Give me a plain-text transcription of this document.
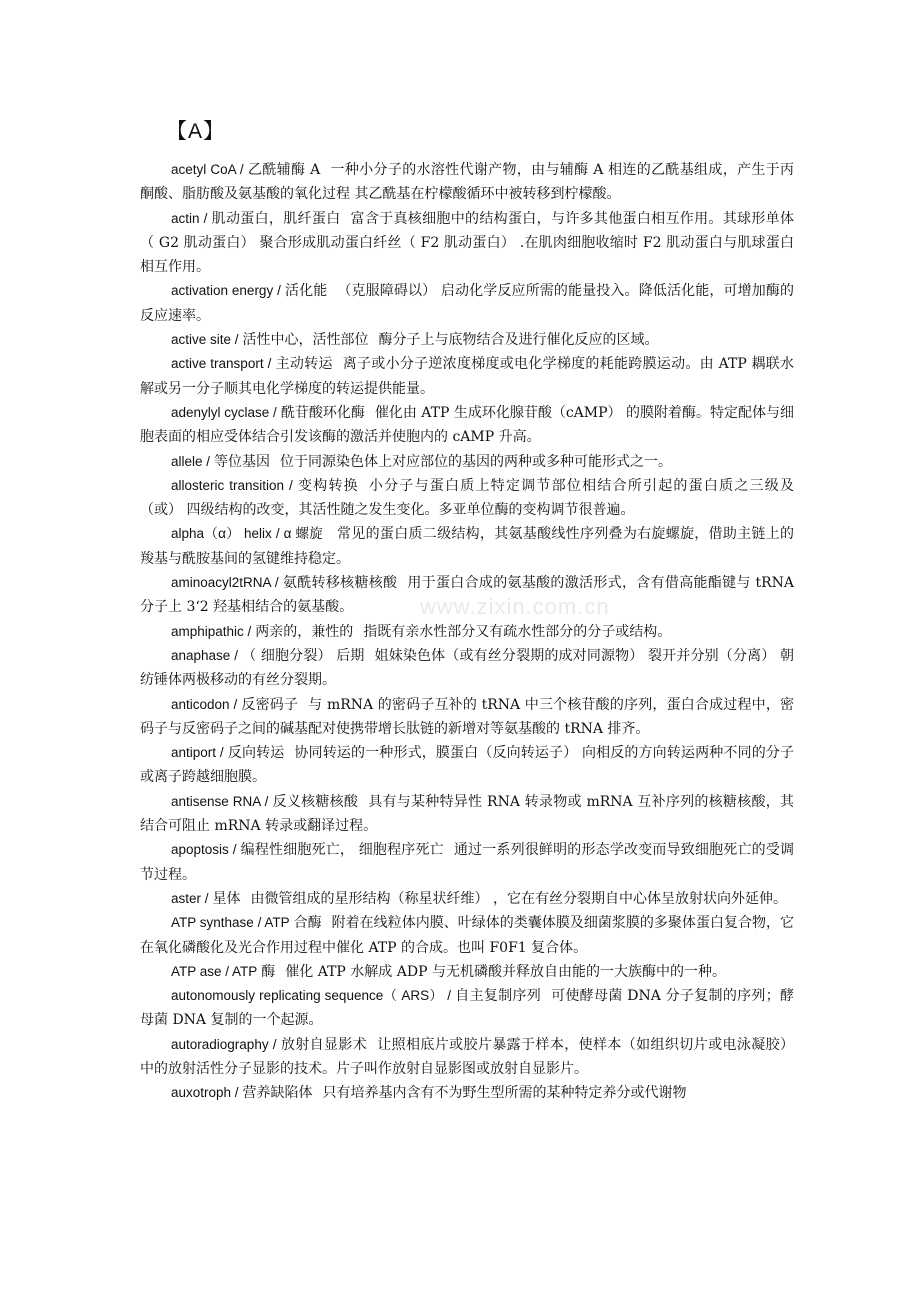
www.zixin.com.cn
【A】

acetyl CoA / 乙酰辅酶 A 一种小分子的水溶性代谢产物，由与辅酶 A 相连的乙酰基组成，产生于丙酮酸、脂肪酸及氨基酸的氧化过程 其乙酰基在柠檬酸循环中被转移到柠檬酸。

actin / 肌动蛋白，肌纤蛋白 富含于真核细胞中的结构蛋白，与许多其他蛋白相互作用。其球形单体（ G2 肌动蛋白） 聚合形成肌动蛋白纤丝（ F2 肌动蛋白） .在肌肉细胞收缩时 F2 肌动蛋白与肌球蛋白相互作用。

activation energy / 活化能 （克服障碍以） 启动化学反应所需的能量投入。降低活化能，可增加酶的反应速率。

active site / 活性中心，活性部位 酶分子上与底物结合及进行催化反应的区域。

active transport / 主动转运 离子或小分子逆浓度梯度或电化学梯度的耗能跨膜运动。由 ATP 耦联水解或另一分子顺其电化学梯度的转运提供能量。

adenylyl cyclase / 酰苷酸环化酶 催化由 ATP 生成环化腺苷酸（cAMP） 的膜附着酶。特定配体与细胞表面的相应受体结合引发该酶的激活并使胞内的 cAMP 升高。

allele / 等位基因 位于同源染色体上对应部位的基因的两种或多种可能形式之一。

allosteric transition / 变构转换 小分子与蛋白质上特定调节部位相结合所引起的蛋白质之三级及（或） 四级结构的改变，其活性随之发生变化。多亚单位酶的变构调节很普遍。

alpha（α） helix / α 螺旋 常见的蛋白质二级结构，其氨基酸线性序列叠为右旋螺旋，借助主链上的羧基与酰胺基间的氢键维持稳定。

aminoacyl2tRNA / 氨酰转移核糖核酸 用于蛋白合成的氨基酸的激活形式，含有借高能酯键与 tRNA 分子上 3‘2 羟基相结合的氨基酸。

amphipathic / 两亲的，兼性的 指既有亲水性部分又有疏水性部分的分子或结构。

anaphase / （ 细胞分裂） 后期 姐妹染色体（或有丝分裂期的成对同源物） 裂开并分别（分离） 朝纺锤体两极移动的有丝分裂期。

anticodon / 反密码子 与 mRNA 的密码子互补的 tRNA 中三个核苷酸的序列，蛋白合成过程中，密码子与反密码子之间的碱基配对使携带增长肽链的新增对等氨基酸的 tRNA 排齐。

antiport / 反向转运 协同转运的一种形式，膜蛋白（反向转运子） 向相反的方向转运两种不同的分子或离子跨越细胞膜。

antisense RNA / 反义核糖核酸 具有与某种特异性 RNA 转录物或 mRNA 互补序列的核糖核酸，其结合可阻止 mRNA 转录或翻译过程。

apoptosis / 编程性细胞死亡， 细胞程序死亡 通过一系列很鲜明的形态学改变而导致细胞死亡的受调节过程。

aster / 星体 由微管组成的星形结构（称星状纤维） ，它在有丝分裂期自中心体呈放射状向外延伸。

ATP synthase / ATP 合酶 附着在线粒体内膜、叶绿体的类囊体膜及细菌浆膜的多聚体蛋白复合物，它在氧化磷酸化及光合作用过程中催化 ATP 的合成。也叫 F0F1 复合体。

ATP ase / ATP 酶 催化 ATP 水解成 ADP 与无机磷酸并释放自由能的一大族酶中的一种。

autonomously replicating sequence（ ARS） / 自主复制序列 可使酵母菌 DNA 分子复制的序列；酵母菌 DNA 复制的一个起源。

autoradiography / 放射自显影术 让照相底片或胶片暴露于样本，使样本（如组织切片或电泳凝胶） 中的放射活性分子显影的技术。片子叫作放射自显影图或放射自显影片。

auxotroph / 营养缺陷体 只有培养基内含有不为野生型所需的某种特定养分或代谢物
